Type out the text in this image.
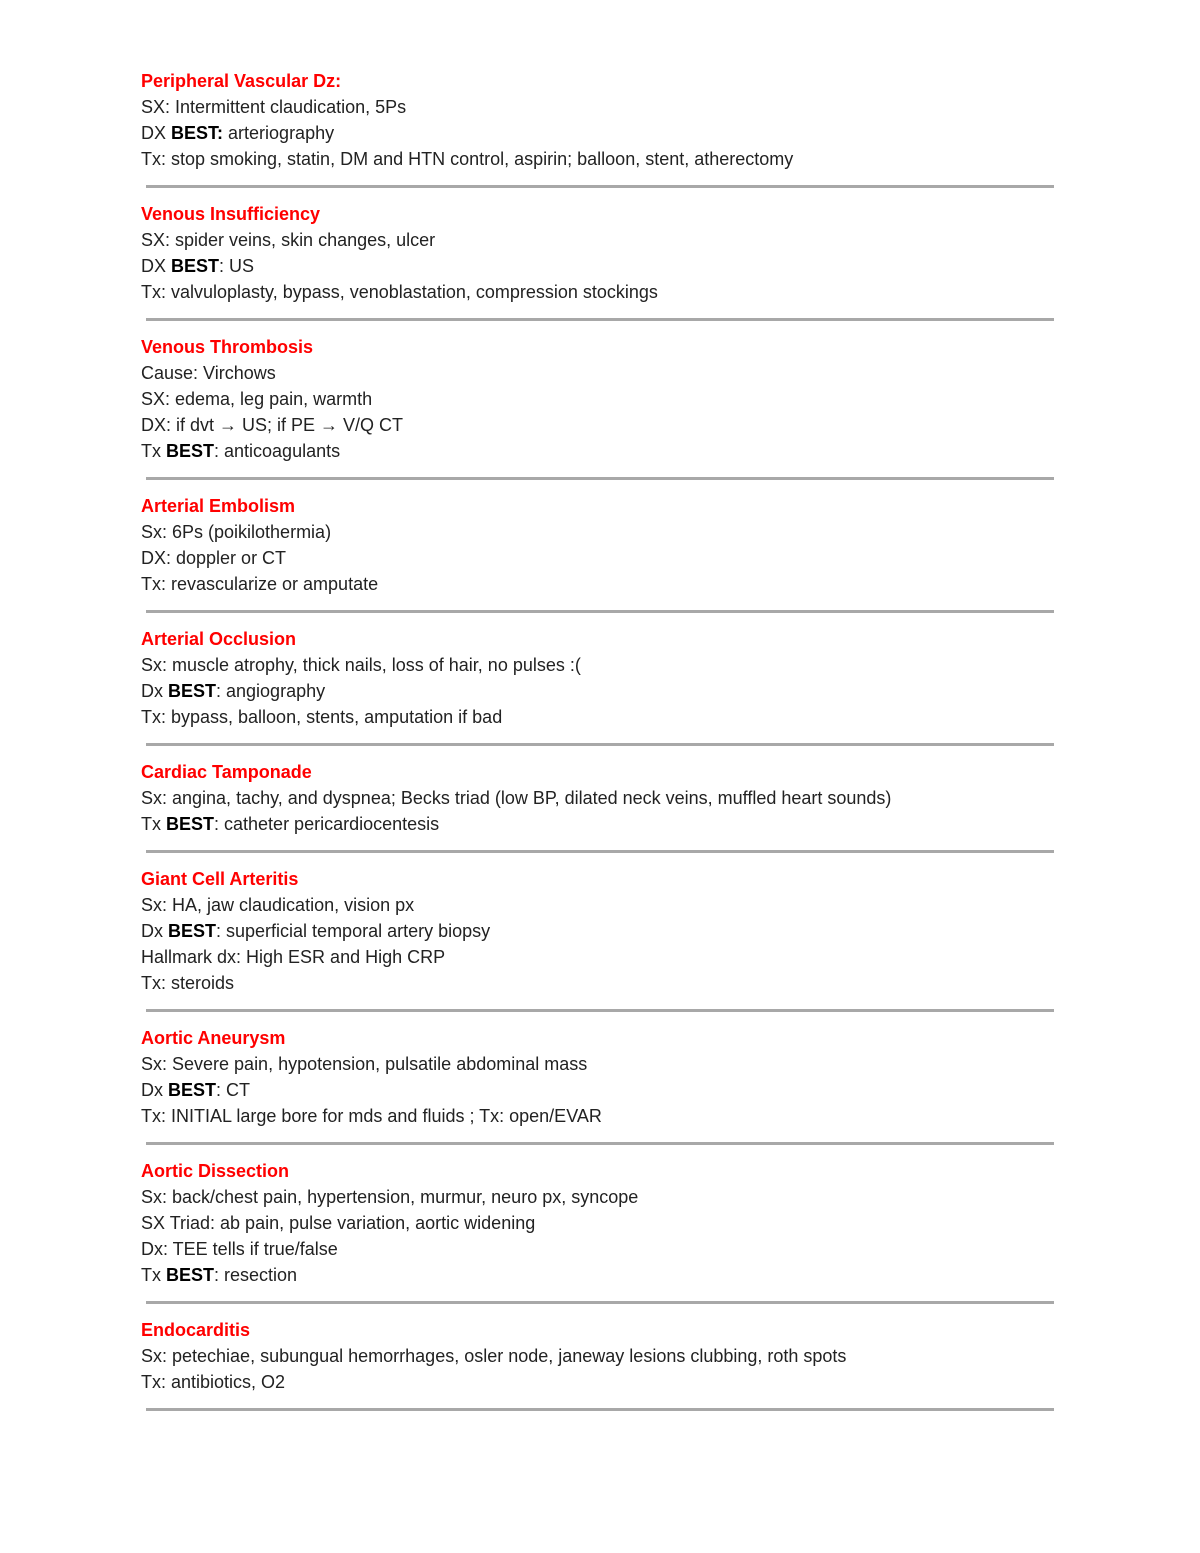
Peripheral Vascular Dz:
SX: Intermittent claudication, 5Ps
DX BEST: arteriography
Tx: stop smoking, statin, DM and HTN control, aspirin; balloon, stent, atherectomy
Venous Insufficiency
SX: spider veins, skin changes, ulcer
DX BEST: US
Tx: valvuloplasty, bypass, venoblastation, compression stockings
Venous Thrombosis
Cause: Virchows
SX: edema, leg pain, warmth
DX: if dvt → US; if PE → V/Q CT
Tx BEST: anticoagulants
Arterial Embolism
Sx: 6Ps (poikilothermia)
DX: doppler or CT
Tx: revascularize or amputate
Arterial Occlusion
Sx: muscle atrophy, thick nails, loss of hair, no pulses :(
Dx BEST: angiography
Tx: bypass, balloon, stents, amputation if bad
Cardiac Tamponade
Sx: angina, tachy, and dyspnea; Becks triad (low BP, dilated neck veins, muffled heart sounds)
Tx BEST: catheter pericardiocentesis
Giant Cell Arteritis
Sx: HA, jaw claudication, vision px
Dx BEST: superficial temporal artery biopsy
Hallmark dx: High ESR and High CRP
Tx: steroids
Aortic Aneurysm
Sx: Severe pain, hypotension, pulsatile abdominal mass
Dx BEST: CT
Tx: INITIAL large bore for mds and fluids ; Tx: open/EVAR
Aortic Dissection
Sx: back/chest pain, hypertension, murmur, neuro px, syncope
SX Triad: ab pain, pulse variation, aortic widening
Dx: TEE tells if true/false
Tx BEST: resection
Endocarditis
Sx: petechiae, subungual hemorrhages, osler node, janeway lesions clubbing, roth spots
Tx: antibiotics, O2
